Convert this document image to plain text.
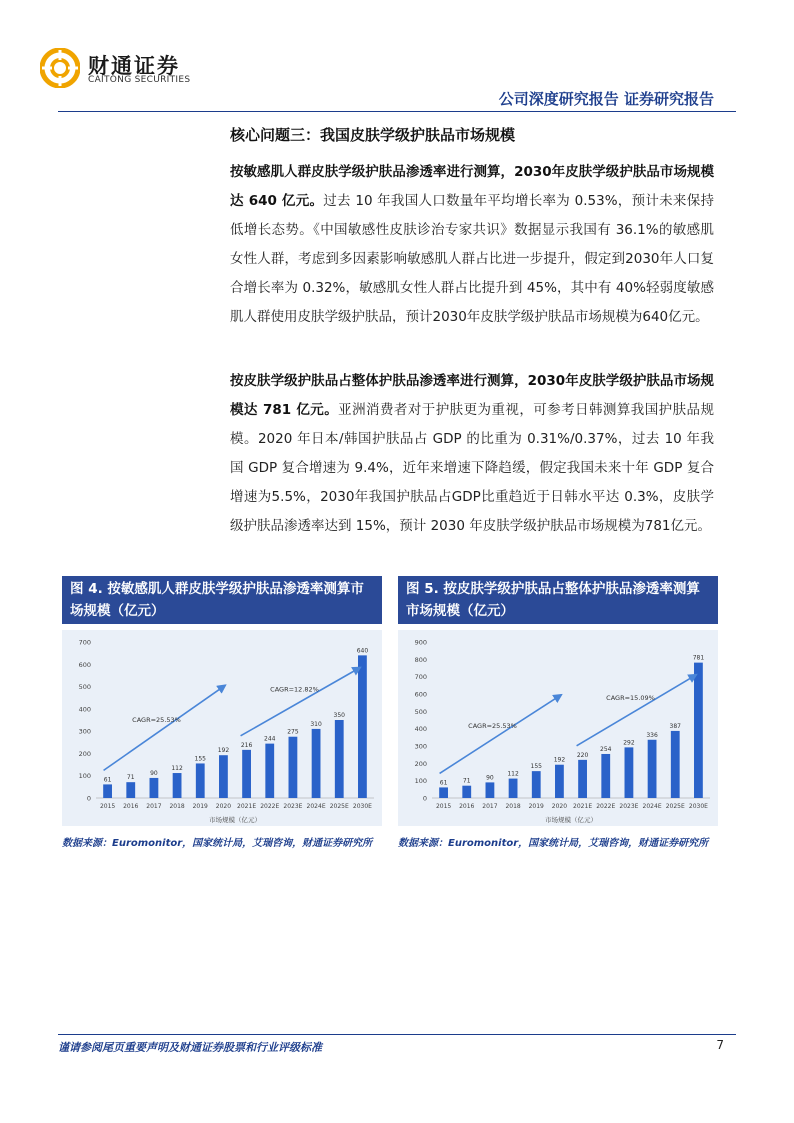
财通证券
CAITONG SECURITIES
公司深度研究报告 证券研究报告
核心问题三：我国皮肤学级护肤品市场规模
按敏感肌人群皮肤学级护肤品渗透率进行测算，2030年皮肤学级护肤品市场规模达 640 亿元。过去 10 年我国人口数量年平均增长率为 0.53%，预计未来保持低增长态势。《中国敏感性皮肤诊治专家共识》数据显示我国有 36.1%的敏感肌女性人群，考虑到多因素影响敏感肌人群占比进一步提升，假定到2030年人口复合增长率为 0.32%，敏感肌女性人群占比提升到 45%，其中有 40%轻弱度敏感肌人群使用皮肤学级护肤品，预计2030年皮肤学级护肤品市场规模为640亿元。
按皮肤学级护肤品占整体护肤品渗透率进行测算，2030年皮肤学级护肤品市场规模达 781 亿元。亚洲消费者对于护肤更为重视，可参考日韩测算我国护肤品规模。2020 年日本/韩国护肤品占 GDP 的比重为 0.31%/0.37%，过去 10 年我国 GDP 复合增速为 9.4%，近年来增速下降趋缓，假定我国未来十年 GDP 复合增速为5.5%，2030年我国护肤品占GDP比重趋近于日韩水平达 0.3%，皮肤学级护肤品渗透率达到 15%，预计 2030 年皮肤学级护肤品市场规模为781亿元。
图 4. 按敏感肌人群皮肤学级护肤品渗透率测算市场规模（亿元）
0
100
200
300
400
500
600
700
61
2015
71
2016
90
2017
112
2018
155
2019
192
2020
216
2021E
244
2022E
275
2023E
310
2024E
350
2025E
640
2030E
市场规模（亿元）
CAGR=25.53%
CAGR=12.82%
数据来源：Euromonitor，国家统计局，艾瑞咨询，财通证券研究所
图 5. 按皮肤学级护肤品占整体护肤品渗透率测算市场规模（亿元）
0
100
200
300
400
500
600
700
800
900
61
2015
71
2016
90
2017
112
2018
155
2019
192
2020
220
2021E
254
2022E
292
2023E
336
2024E
387
2025E
781
2030E
市场规模（亿元）
CAGR=25.53%
CAGR=15.09%
数据来源：Euromonitor，国家统计局，艾瑞咨询，财通证券研究所
谨请参阅尾页重要声明及财通证券股票和行业评级标准	7
